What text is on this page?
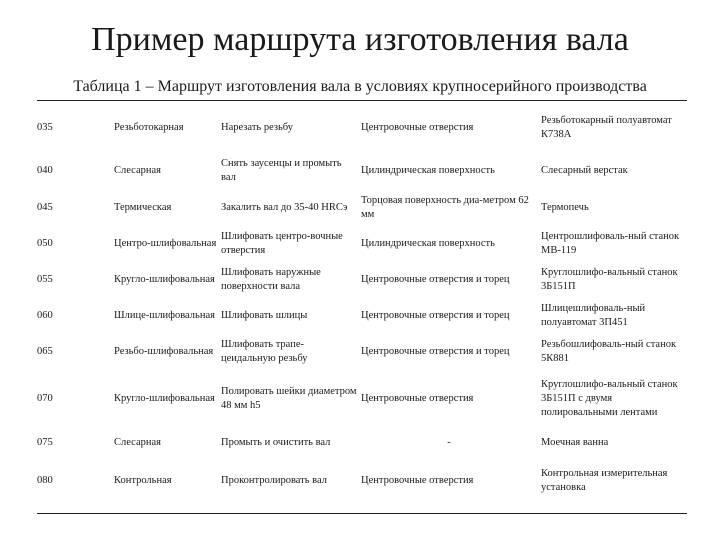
Пример маршрута изготовления вала
Таблица 1 – Маршрут изготовления вала в условиях крупносерийного производства
035	Резьботокарная	Нарезать резьбу	Центровочные отверстия	Резьботокарный полуавтомат К738А
040	Слесарная	Снять заусенцы и промыть вал	Цилиндрическая поверхность	Слесарный верстак
045	Термическая	Закалить вал до 35-40 HRCэ	Торцовая поверхность диа-метром 62 мм	Термопечь
050	Центро-шлифовальная	Шлифовать центро-вочные отверстия	Цилиндрическая поверхность	Центрошлифоваль-ный станок МВ-119
055	Кругло-шлифовальная	Шлифовать наружные поверхности вала	Центровочные отверстия и торец	Круглошлифо-вальный станок 3Б151П
060	Шлице-шлифовальная	Шлифовать шлицы	Центровочные отверстия и торец	Шлицешлифоваль-ный полуавтомат 3П451
065	Резьбо-шлифовальная	Шлифовать трапе-цеидальную резьбу	Центровочные отверстия и торец	Резьбошлифоваль-ный станок 5К881
070	Кругло-шлифовальная	Полировать шейки диаметром 48 мм h5	Центровочные отверстия	Круглошлифо-вальный станок 3Б151П с двумя полировальными лентами
075	Слесарная	Промыть и очистить вал	-	Моечная ванна
080	Контрольная	Проконтролировать вал	Центровочные отверстия	Контрольная измерительная установка
